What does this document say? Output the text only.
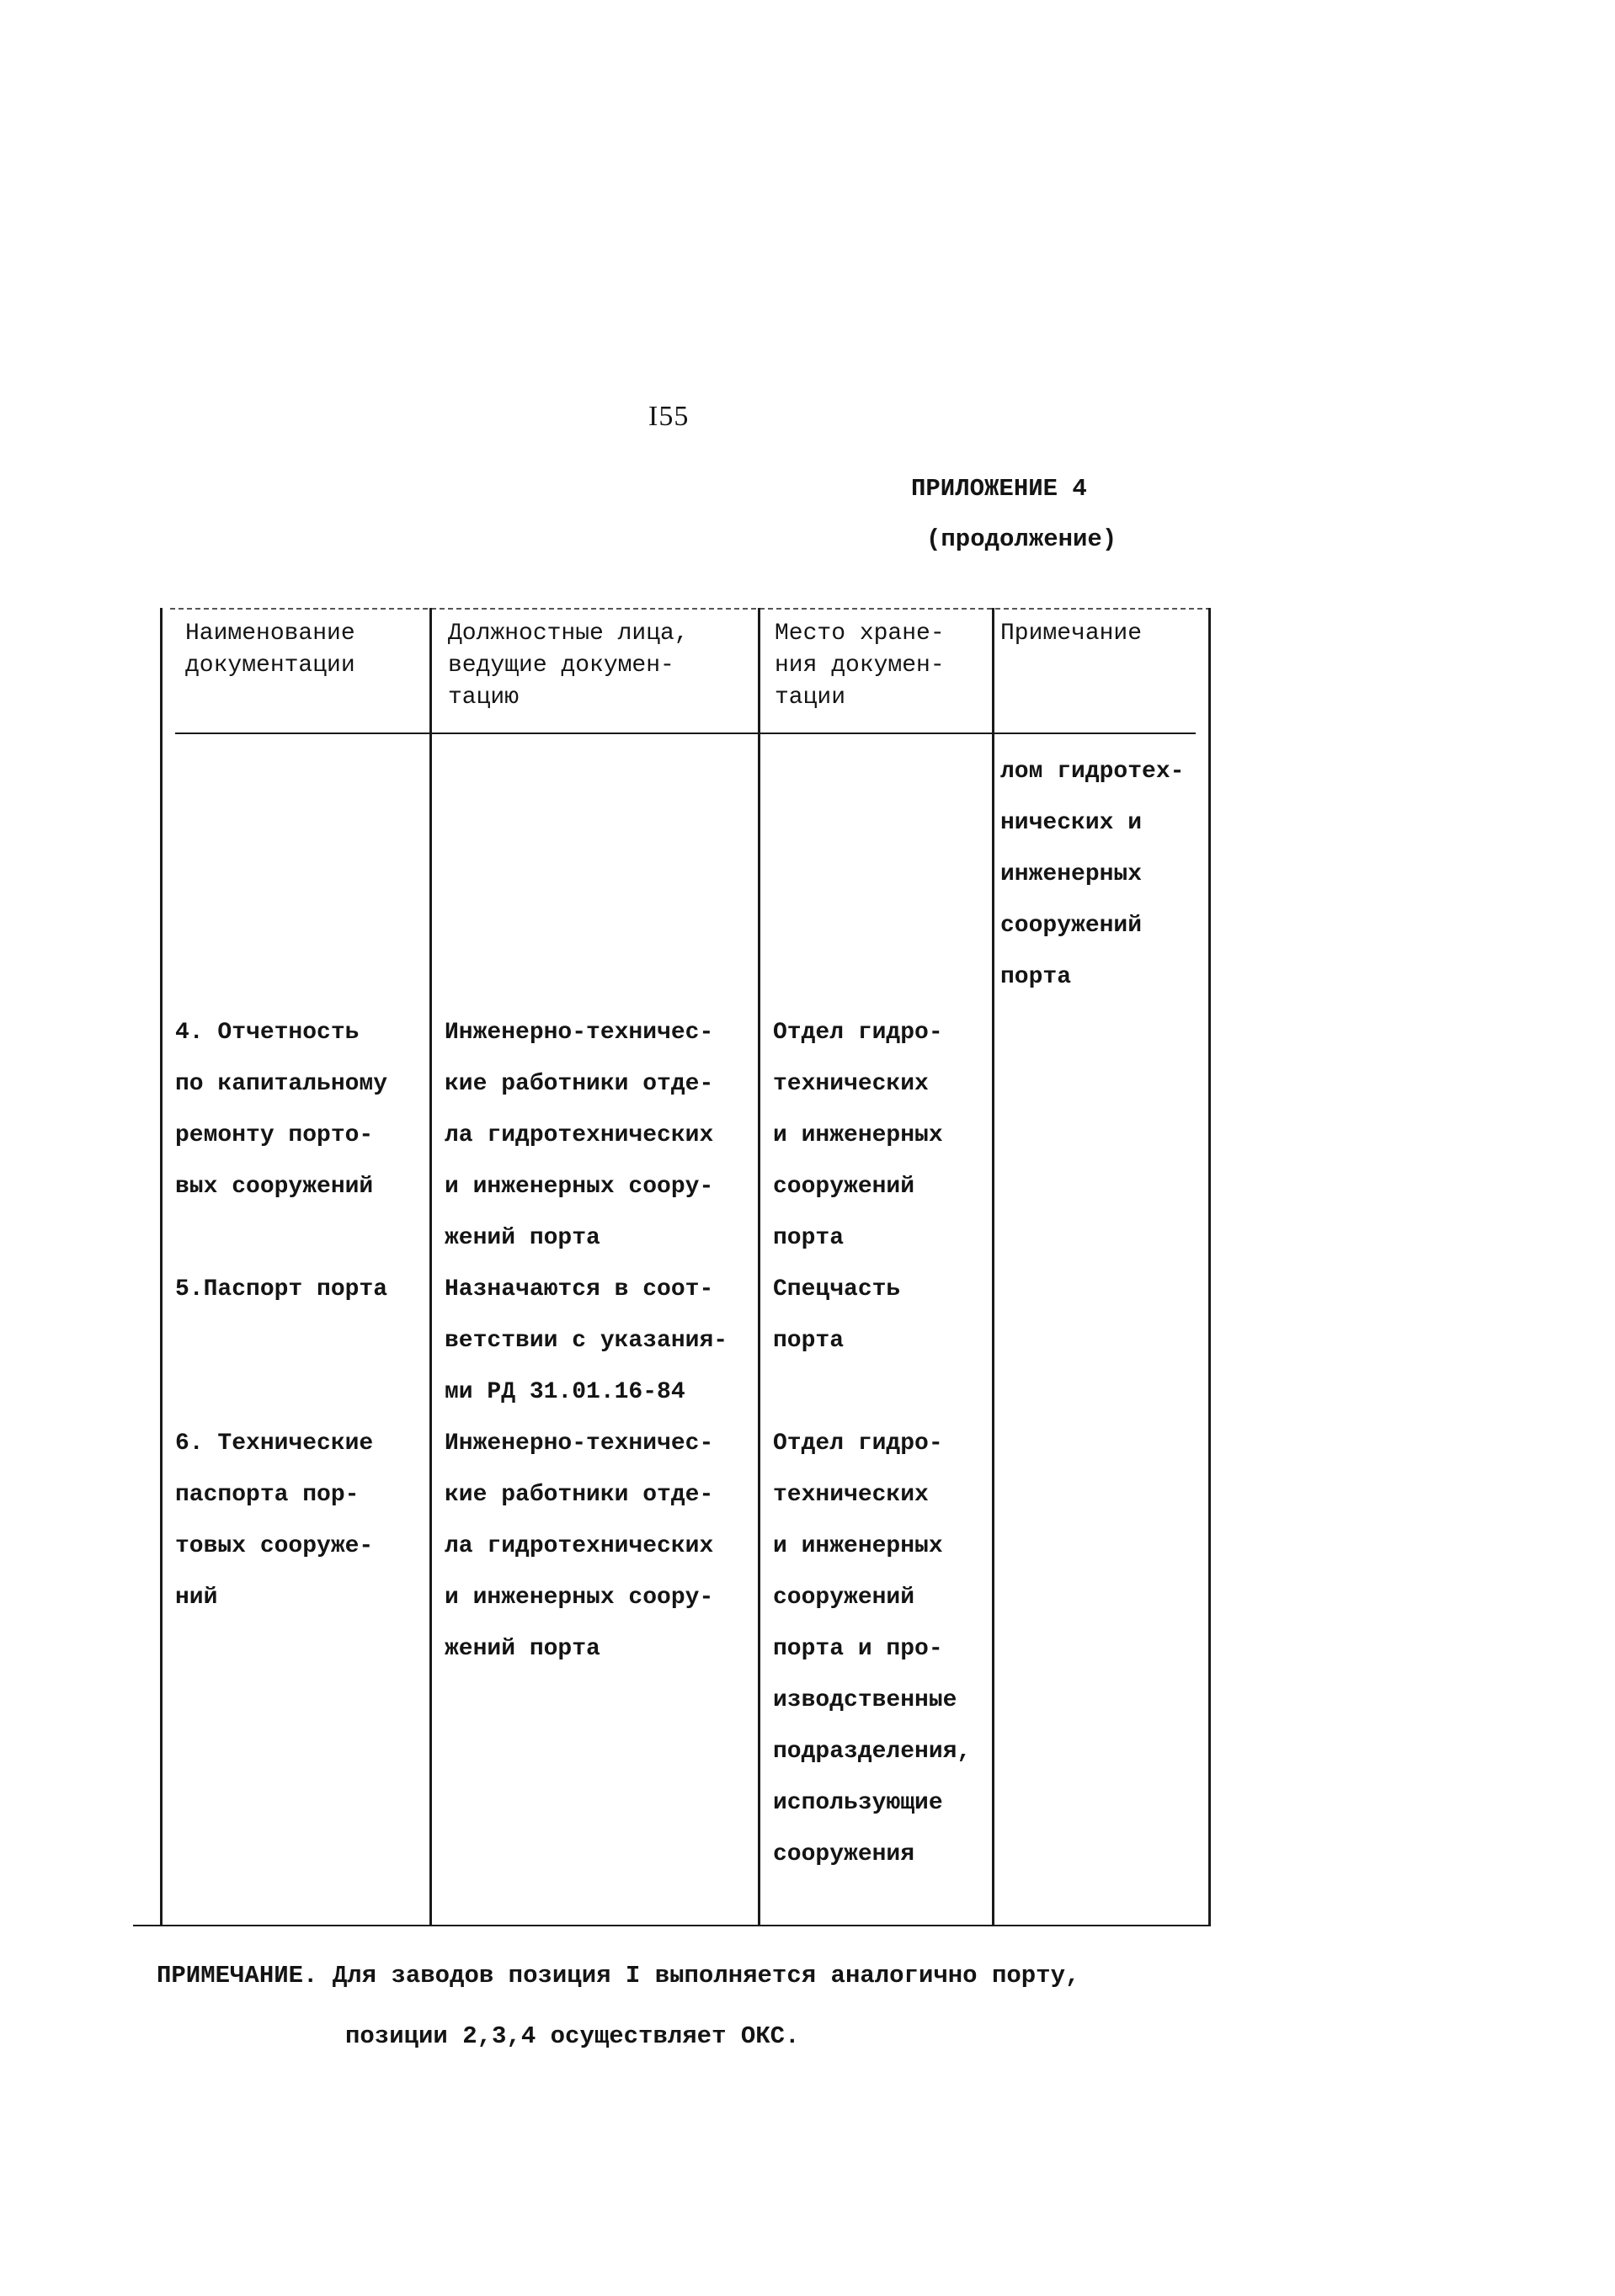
I55
ПРИЛОЖЕНИЕ 4
(продолжение)
Наименование
документации
Должностные лица,
ведущие докумен-
тацию
Место хране-
ния докумен-
тации
Примечание
лом гидротех-
нических и
инженерных
сооружений
порта
4. Отчетность
по капитальному
ремонту порто-
вых сооружений
Инженерно-техничес-
кие работники отде-
ла гидротехнических
и инженерных соору-
жений порта
Отдел гидро-
технических
и инженерных
сооружений
порта
5.Паспорт порта Назначаются в соот-
ветствии с указания-
ми РД 31.01.16-84
Спецчасть
порта
6. Технические
паспорта пор-
товых сооруже-
ний
Инженерно-техничес-
кие работники отде-
ла гидротехнических
и инженерных соору-
жений порта
Отдел гидро-
технических
и инженерных
сооружений
порта и про-
изводственные
подразделения,
использующие
сооружения
ПРИМЕЧАНИЕ. Для заводов позиция I выполняется аналогично порту,
позиции 2,3,4 осуществляет ОКС.
